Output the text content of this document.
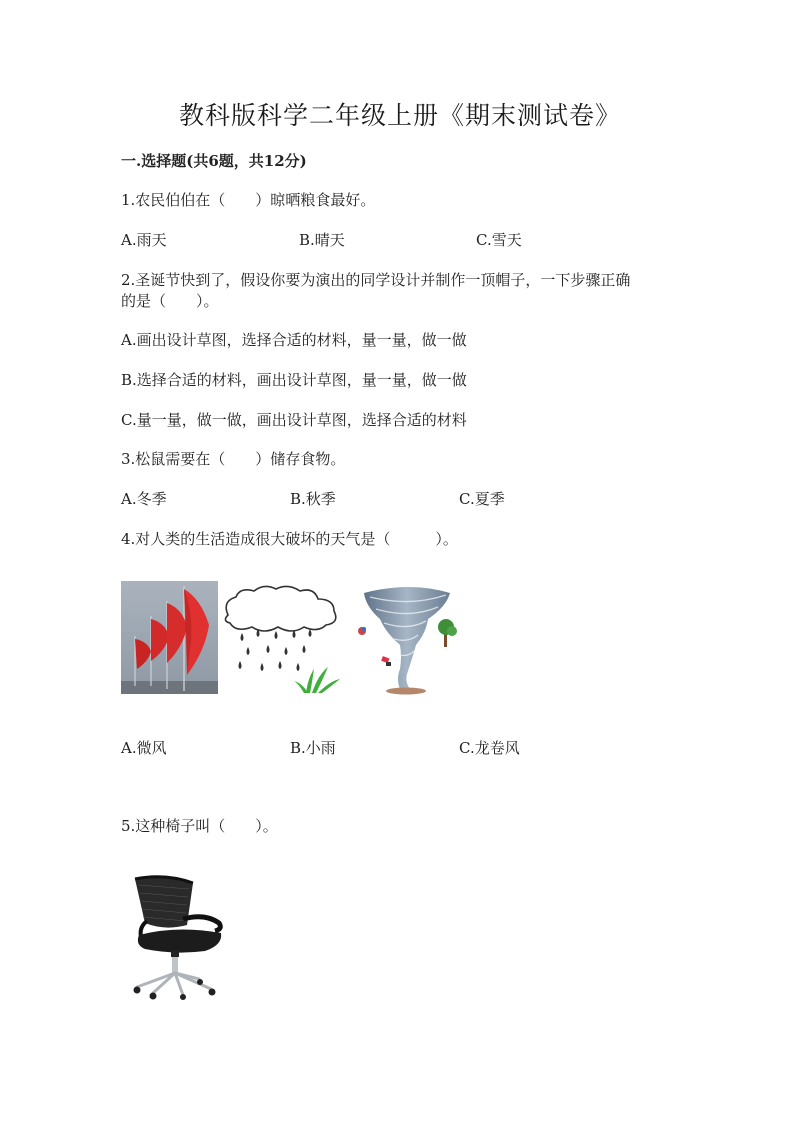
教科版科学二年级上册《期末测试卷》
一.选择题(共6题，共12分)
1.农民伯伯在（　　）晾晒粮食最好。
A.雨天	B.晴天	C.雪天
2.圣诞节快到了，假设你要为演出的同学设计并制作一顶帽子，一下步骤正确
的是（　　）。
A.画出设计草图，选择合适的材料，量一量，做一做
B.选择合适的材料，画出设计草图，量一量，做一做
C.量一量，做一做，画出设计草图，选择合适的材料
3.松鼠需要在（　　）储存食物。
A.冬季	B.秋季	C.夏季
4.对人类的生活造成很大破坏的天气是（　　　）。
A.微风	B.小雨	C.龙卷风
5.这种椅子叫（　　）。
